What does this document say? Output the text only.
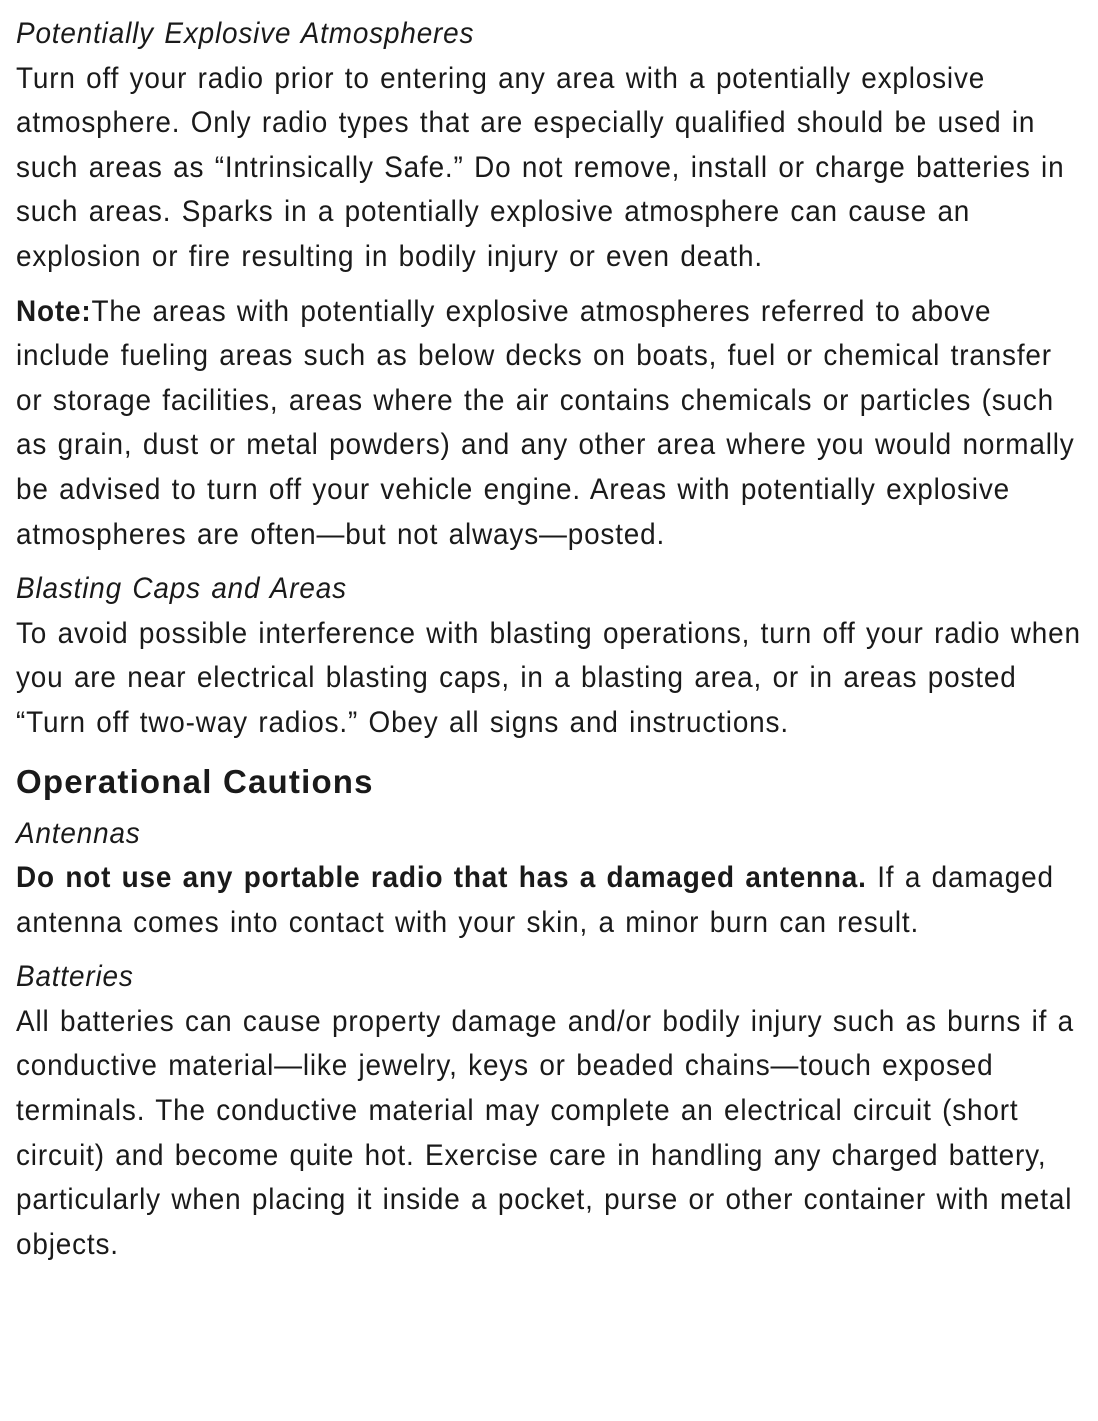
Potentially Explosive Atmospheres

Turn off your radio prior to entering any area with a potentially explosive atmosphere. Only radio types that are especially qualified should be used in such areas as “Intrinsically Safe.” Do not remove, install or charge batteries in such areas. Sparks in a potentially explosive atmosphere can cause an explosion or fire resulting in bodily injury or even death.

Note:The areas with potentially explosive atmospheres referred to above include fueling areas such as below decks on boats, fuel or chemical transfer or storage facilities, areas where the air contains chemicals or particles (such as grain, dust or metal powders) and any other area where you would normally be advised to turn off your vehicle engine. Areas with potentially explosive atmospheres are often—but not always—posted.

Blasting Caps and Areas

To avoid possible interference with blasting operations, turn off your radio when you are near electrical blasting caps, in a blasting area, or in areas posted “Turn off two-way radios.” Obey all signs and instructions.

Operational Cautions

Antennas

Do not use any portable radio that has a damaged antenna. If a damaged antenna comes into contact with your skin, a minor burn can result.

Batteries

All batteries can cause property damage and/or bodily injury such as burns if a conductive material—like jewelry, keys or beaded chains—touch exposed terminals. The conductive material may complete an electrical circuit (short circuit) and become quite hot. Exercise care in handling any charged battery, particularly when placing it inside a pocket, purse or other container with metal objects.
